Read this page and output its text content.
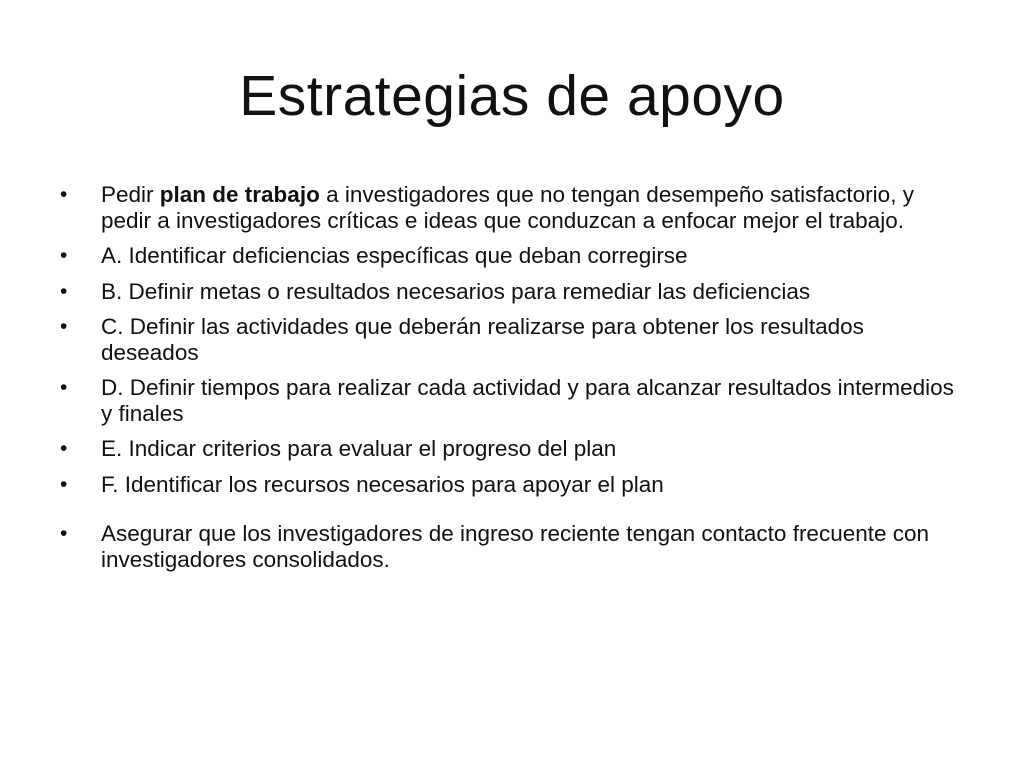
Estrategias de apoyo
•	Pedir plan de trabajo a investigadores que no tengan desempeño satisfactorio, y pedir a investigadores críticas e ideas que conduzcan a enfocar mejor el trabajo.
•	A. Identificar deficiencias específicas que deban corregirse
•	B. Definir metas o resultados necesarios para remediar las deficiencias
•	C. Definir las actividades que deberán realizarse para obtener los resultados deseados
•	D. Definir tiempos para realizar cada actividad y para alcanzar resultados intermedios y finales
•	E. Indicar criterios para evaluar el progreso del plan
•	F. Identificar los recursos necesarios para apoyar el plan
•	Asegurar que los investigadores de ingreso reciente tengan contacto frecuente con investigadores consolidados.
